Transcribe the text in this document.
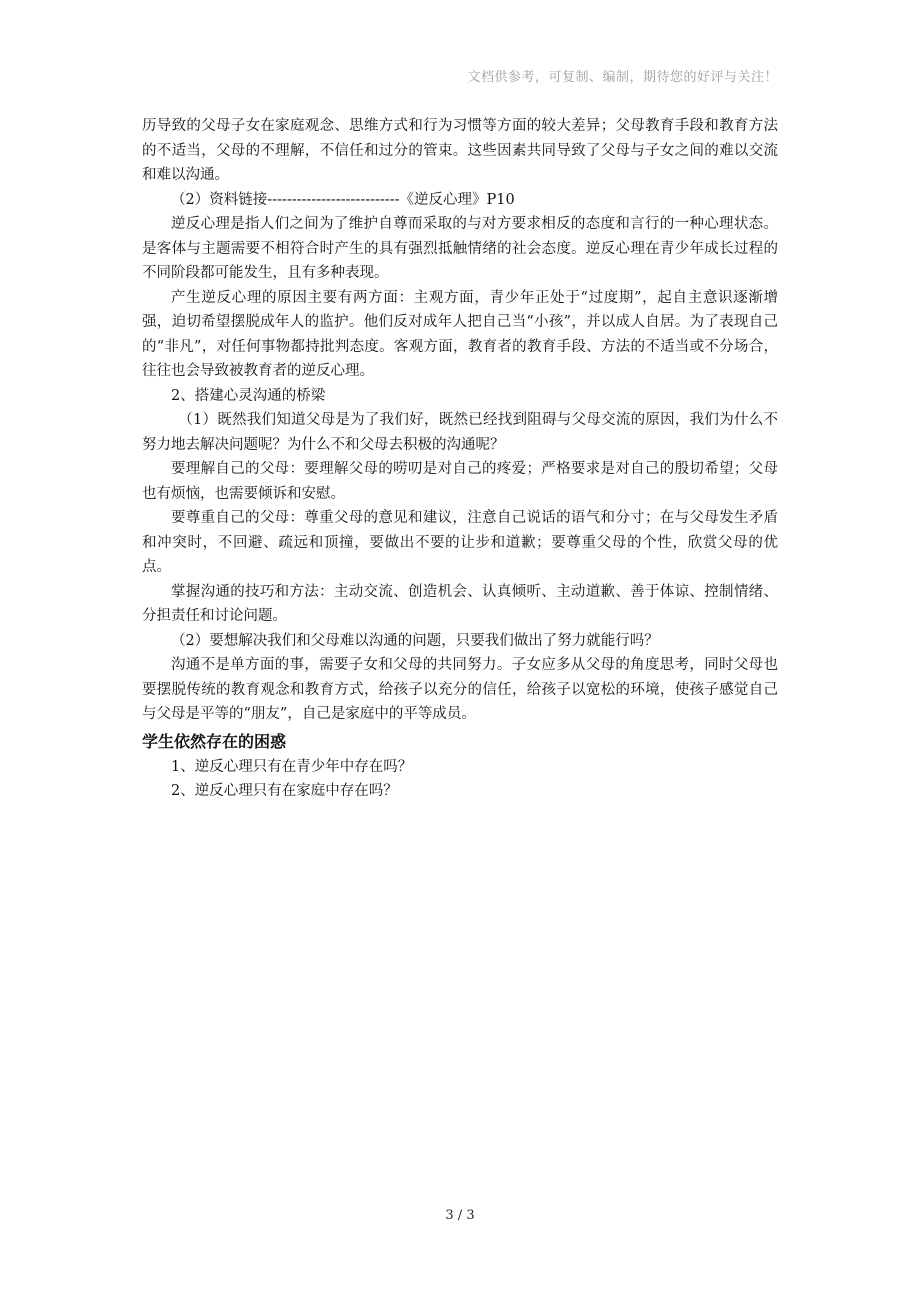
文档供参考，可复制、编制，期待您的好评与关注！

历导致的父母子女在家庭观念、思维方式和行为习惯等方面的较大差异；父母教育手段和教育方法的不适当，父母的不理解，不信任和过分的管束。这些因素共同导致了父母与子女之间的难以交流和难以沟通。

（2）资料链接---------------------------《逆反心理》P10

逆反心理是指人们之间为了维护自尊而采取的与对方要求相反的态度和言行的一种心理状态。是客体与主题需要不相符合时产生的具有强烈抵触情绪的社会态度。逆反心理在青少年成长过程的不同阶段都可能发生，且有多种表现。

产生逆反心理的原因主要有两方面：主观方面，青少年正处于“过度期”，起自主意识逐渐增强，迫切希望摆脱成年人的监护。他们反对成年人把自己当“小孩”，并以成人自居。为了表现自己的“非凡”，对任何事物都持批判态度。客观方面，教育者的教育手段、方法的不适当或不分场合，往往也会导致被教育者的逆反心理。

2、搭建心灵沟通的桥梁

（1）既然我们知道父母是为了我们好，既然已经找到阻碍与父母交流的原因，我们为什么不努力地去解决问题呢？为什么不和父母去积极的沟通呢？

要理解自己的父母：要理解父母的唠叨是对自己的疼爱；严格要求是对自己的殷切希望；父母也有烦恼，也需要倾诉和安慰。

要尊重自己的父母：尊重父母的意见和建议，注意自己说话的语气和分寸；在与父母发生矛盾和冲突时，不回避、疏远和顶撞，要做出不要的让步和道歉；要尊重父母的个性，欣赏父母的优点。

掌握沟通的技巧和方法：主动交流、创造机会、认真倾听、主动道歉、善于体谅、控制情绪、分担责任和讨论问题。

（2）要想解决我们和父母难以沟通的问题，只要我们做出了努力就能行吗？

沟通不是单方面的事，需要子女和父母的共同努力。子女应多从父母的角度思考，同时父母也要摆脱传统的教育观念和教育方式，给孩子以充分的信任，给孩子以宽松的环境，使孩子感觉自己与父母是平等的“朋友”，自己是家庭中的平等成员。

学生依然存在的困惑

1、逆反心理只有在青少年中存在吗？

2、逆反心理只有在家庭中存在吗？

3 / 3
